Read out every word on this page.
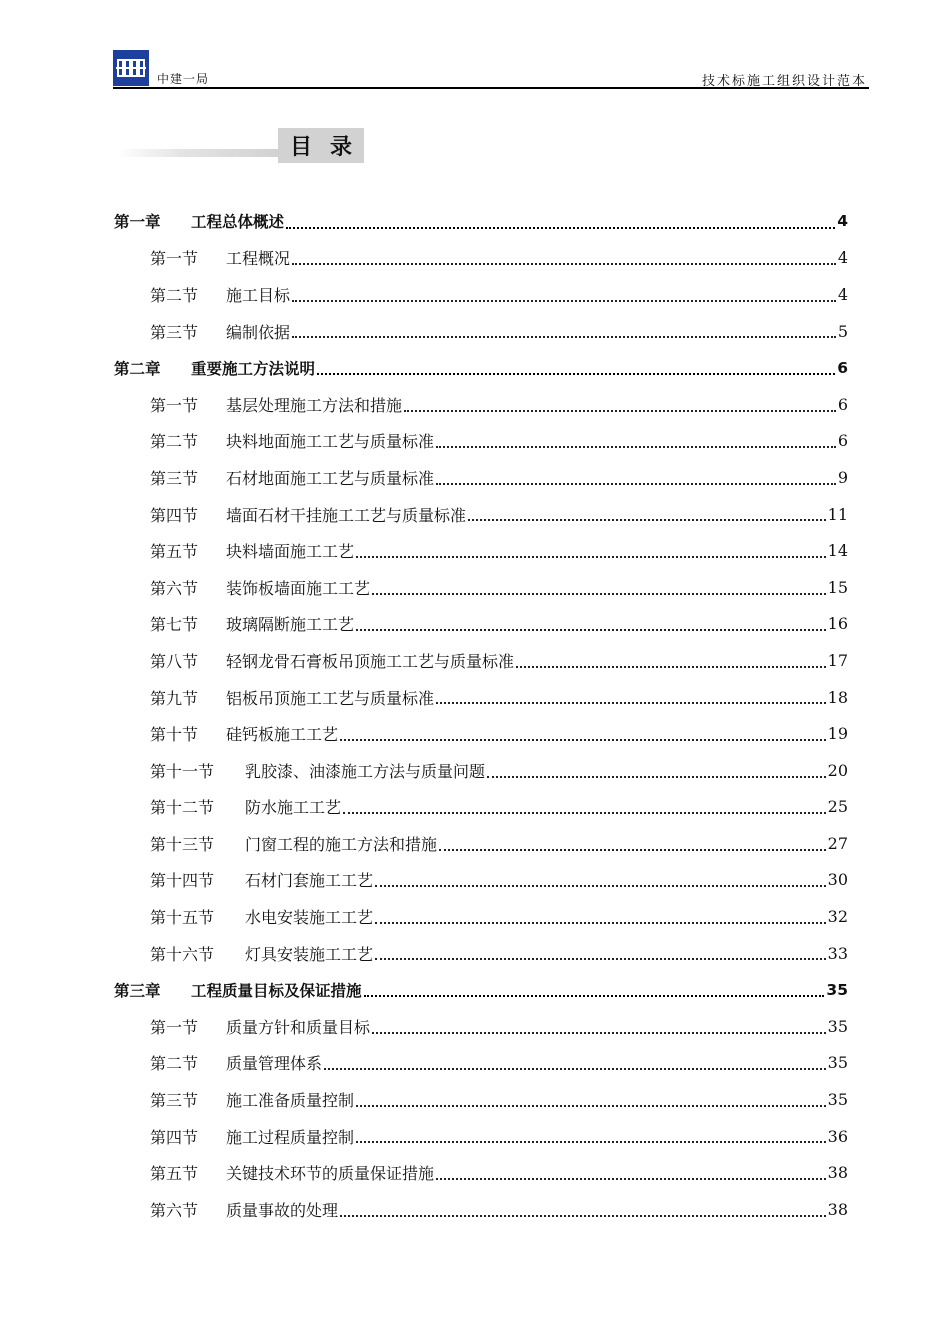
中建一局	技术标施工组织设计范本
目录
第一章	工程总体概述	4
第一节	工程概况	4
第二节	施工目标	4
第三节	编制依据	5
第二章	重要施工方法说明	6
第一节	基层处理施工方法和措施	6
第二节	块料地面施工工艺与质量标准	6
第三节	石材地面施工工艺与质量标准	9
第四节	墙面石材干挂施工工艺与质量标准	11
第五节	块料墙面施工工艺	14
第六节	装饰板墙面施工工艺	15
第七节	玻璃隔断施工工艺	16
第八节	轻钢龙骨石膏板吊顶施工工艺与质量标准	17
第九节	铝板吊顶施工工艺与质量标准	18
第十节	硅钙板施工工艺	19
第十一节	乳胶漆、油漆施工方法与质量问题	20
第十二节	防水施工工艺	25
第十三节	门窗工程的施工方法和措施	27
第十四节	石材门套施工工艺	30
第十五节	水电安装施工工艺	32
第十六节	灯具安装施工工艺	33
第三章	工程质量目标及保证措施	35
第一节	质量方针和质量目标	35
第二节	质量管理体系	35
第三节	施工准备质量控制	35
第四节	施工过程质量控制	36
第五节	关键技术环节的质量保证措施	38
第六节	质量事故的处理	38
